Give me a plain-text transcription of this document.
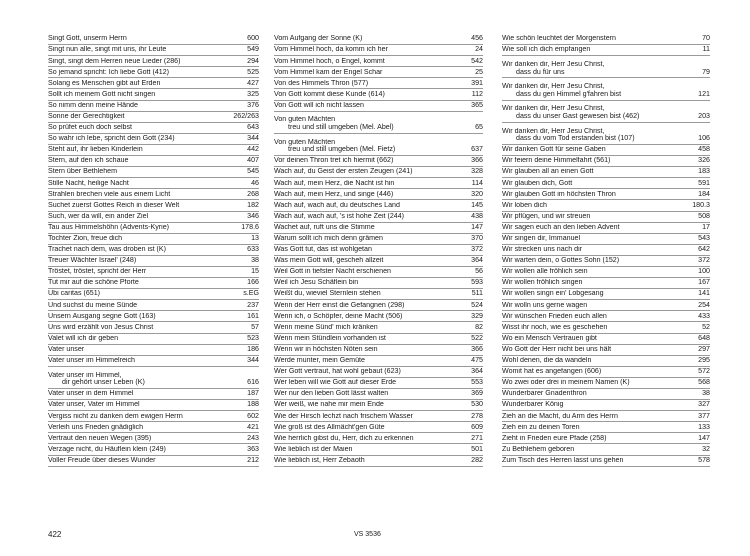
Singt Gott, unserm Herrn	600
Singt nun alle, singt mit uns, ihr Leute	549
Singt, singt dem Herren neue Lieder (286)	294
So jemand spricht: Ich liebe Gott (412)	525
Solang es Menschen gibt auf Erden	427
Sollt ich meinem Gott nicht singen	325
So nimm denn meine Hände	376
Sonne der Gerechtigkeit	262/263
So prüfet euch doch selbst	643
So wahr ich lebe, spricht dein Gott (234)	344
Steht auf, ihr lieben Kinderlein	442
Stern, auf den ich schaue	407
Stern über Bethlehem	545
Stille Nacht, heilige Nacht	46
Strahlen brechen viele aus einem Licht	268
Suchet zuerst Gottes Reich in dieser Welt	182
Such, wer da will, ein ander Ziel	346
Tau aus Himmelshöhn (Advents-Kyrie)	178.6
Tochter Zion, freue dich	13
Trachet nach dem, was droben ist (K)	633
Treuer Wächter Israel' (248)	38
Tröstet, tröstet, spricht der Herr	15
Tut mir auf die schöne Pforte	166
Ubi caritas (651)	s.EG
Und suchst du meine Sünde	237
Unsern Ausgang segne Gott (163)	161
Uns wird erzählt von Jesus Christ	57
Valet will ich dir geben	523
Vater unser	186
Vater unser im Himmelreich	344
Vater unser im Himmel,
dir gehört unser Leben (K)	616
Vater unser in dem Himmel	187
Vater unser, Vater im Himmel	188
Vergiss nicht zu danken dem ewigen Herrn	602
Verleih uns Frieden gnädiglich	421
Vertraut den neuen Wegen (395)	243
Verzage nicht, du Häuflein klein (249)	363
Voller Freude über dieses Wunder	212
Vom Aufgang der Sonne (K)	456
Vom Himmel hoch, da komm ich her	24
Vom Himmel hoch, o Engel, kommt	542
Vom Himmel kam der Engel Schar	25
Von des Himmels Thron (577)	391
Von Gott kommt diese Kunde (614)	112
Von Gott will ich nicht lassen	365
Von guten Mächten
treu und still umgeben (Mel. Abel)	65
Von guten Mächten
treu und still umgeben (Mel. Fietz)	637
Vor deinen Thron tret ich hiermit (662)	366
Wach auf, du Geist der ersten Zeugen (241)	328
Wach auf, mein Herz, die Nacht ist hin	114
Wach auf, mein Herz, und singe (446)	320
Wach auf, wach auf, du deutsches Land	145
Wach auf, wach auf, 's ist hohe Zeit (244)	438
Wachet auf, ruft uns die Stimme	147
Warum sollt ich mich denn grämen	370
Was Gott tut, das ist wohlgetan	372
Was mein Gott will, gescheh allzeit	364
Weil Gott in tiefster Nacht erschienen	56
Weil ich Jesu Schäflein bin	593
Weißt du, wieviel Sternlein stehen	511
Wenn der Herr einst die Gefangnen (298)	524
Wenn ich, o Schöpfer, deine Macht (506)	329
Wenn meine Sünd' mich kränken	82
Wenn mein Stündlein vorhanden ist	522
Wenn wir in höchsten Nöten sein	366
Werde munter, mein Gemüte	475
Wer Gott vertraut, hat wohl gebaut (623)	364
Wer leben will wie Gott auf dieser Erde	553
Wer nur den lieben Gott lässt walten	369
Wer weiß, wie nahe mir mein Ende	530
Wie der Hirsch lechzt nach frischem Wasser	278
Wie groß ist des Allmächt'gen Güte	609
Wie herrlich gibst du, Herr, dich zu erkennen	271
Wie lieblich ist der Maien	501
Wie lieblich ist, Herr Zebaoth	282
Wie schön leuchtet der Morgenstern	70
Wie soll ich dich empfangen	11
Wir danken dir, Herr Jesu Christ,
dass du für uns	79
Wir danken dir, Herr Jesu Christ,
dass du gen Himmel g'fahren bist	121
Wir danken dir, Herr Jesu Christ,
dass du unser Gast gewesen bist (462)	203
Wir danken dir, Herr Jesu Christ,
dass du vom Tod erstanden bist (107)	106
Wir danken Gott für seine Gaben	458
Wir feiern deine Himmelfahrt (561)	326
Wir glauben all an einen Gott	183
Wir glauben dich, Gott	591
Wir glauben Gott im höchsten Thron	184
Wir loben dich	180.3
Wir pflügen, und wir streuen	508
Wir sagen euch an den lieben Advent	17
Wir singen dir, Immanuel	543
Wir strecken uns nach dir	642
Wir warten dein, o Gottes Sohn (152)	372
Wir wollen alle fröhlich sein	100
Wir wollen fröhlich singen	167
Wir wollen singn ein' Lobgesang	141
Wir wolln uns gerne wagen	254
Wir wünschen Frieden euch allen	433
Wisst ihr noch, wie es geschehen	52
Wo ein Mensch Vertrauen gibt	648
Wo Gott der Herr nicht bei uns hält	297
Wohl denen, die da wandeln	295
Womit hat es angefangen (606)	572
Wo zwei oder drei in meinem Namen (K)	568
Wunderbarer Gnadenthron	38
Wunderbarer König	327
Zieh an die Macht, du Arm des Herrn	377
Zieh ein zu deinen Toren	133
Zieht in Frieden eure Pfade (258)	147
Zu Bethlehem geboren	32
Zum Tisch des Herren lasst uns gehen	578
422	VS 3536
